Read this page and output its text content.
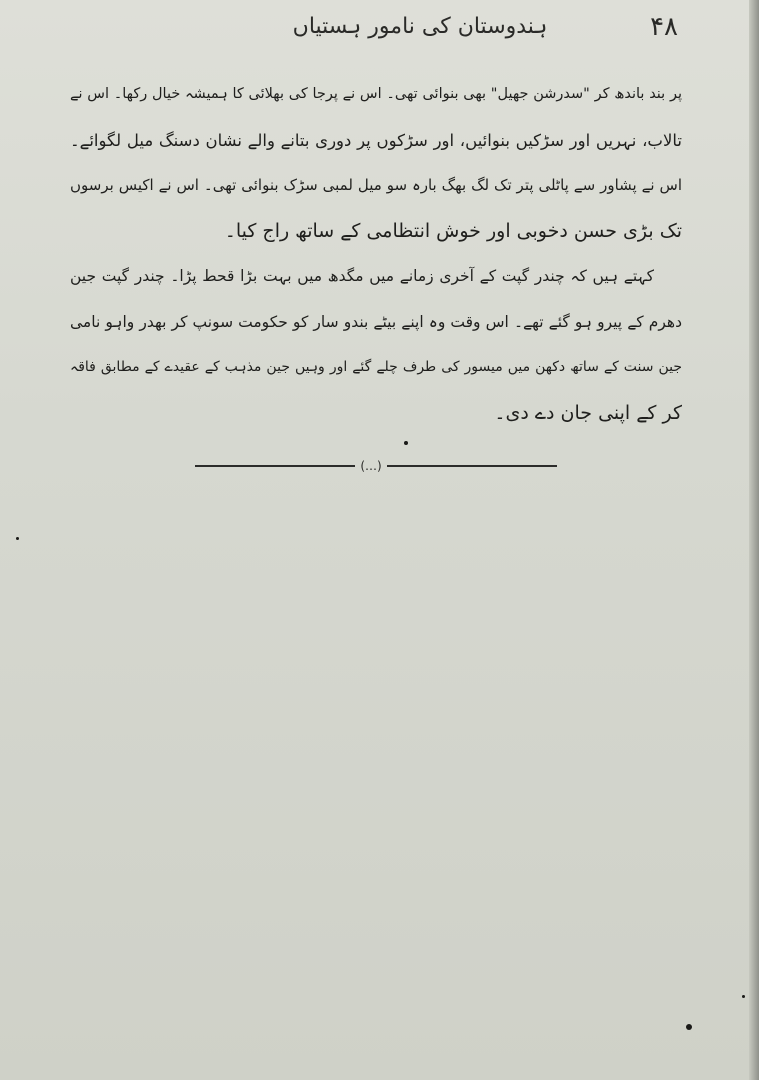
ہندوستان کی نامور ہستیاں	۴۸
پر بند باندھ کر "سدرشن جھیل" بھی بنوائی تھی۔ اس نے پرجا کی بھلائی کا ہمیشہ خیال رکھا۔ اس نے
تالاب، نہریں اور سڑکیں بنوائیں، اور سڑکوں پر دوری بتانے والے نشان دسنگ میل لگوائے۔
اس نے پشاور سے پاٹلی پتر تک لگ بھگ بارہ سو میل لمبی سڑک بنوائی تھی۔ اس نے اکیس برسوں
تک بڑی حسن دخوبی اور خوش انتظامی کے ساتھ راج کیا۔
کہتے ہیں کہ چندر گپت کے آخری زمانے میں مگدھ میں بہت بڑا قحط پڑا۔ چندر گپت جین
دھرم کے پیرو ہو گئے تھے۔ اس وقت وہ اپنے بیٹے بندو سار کو حکومت سونپ کر بھدر واہو نامی
جین سنت کے ساتھ دکھن میں میسور کی طرف چلے گئے اور وہیں جین مذہب کے عقیدے کے مطابق فاقہ
کر کے اپنی جان دے دی۔
(…)
